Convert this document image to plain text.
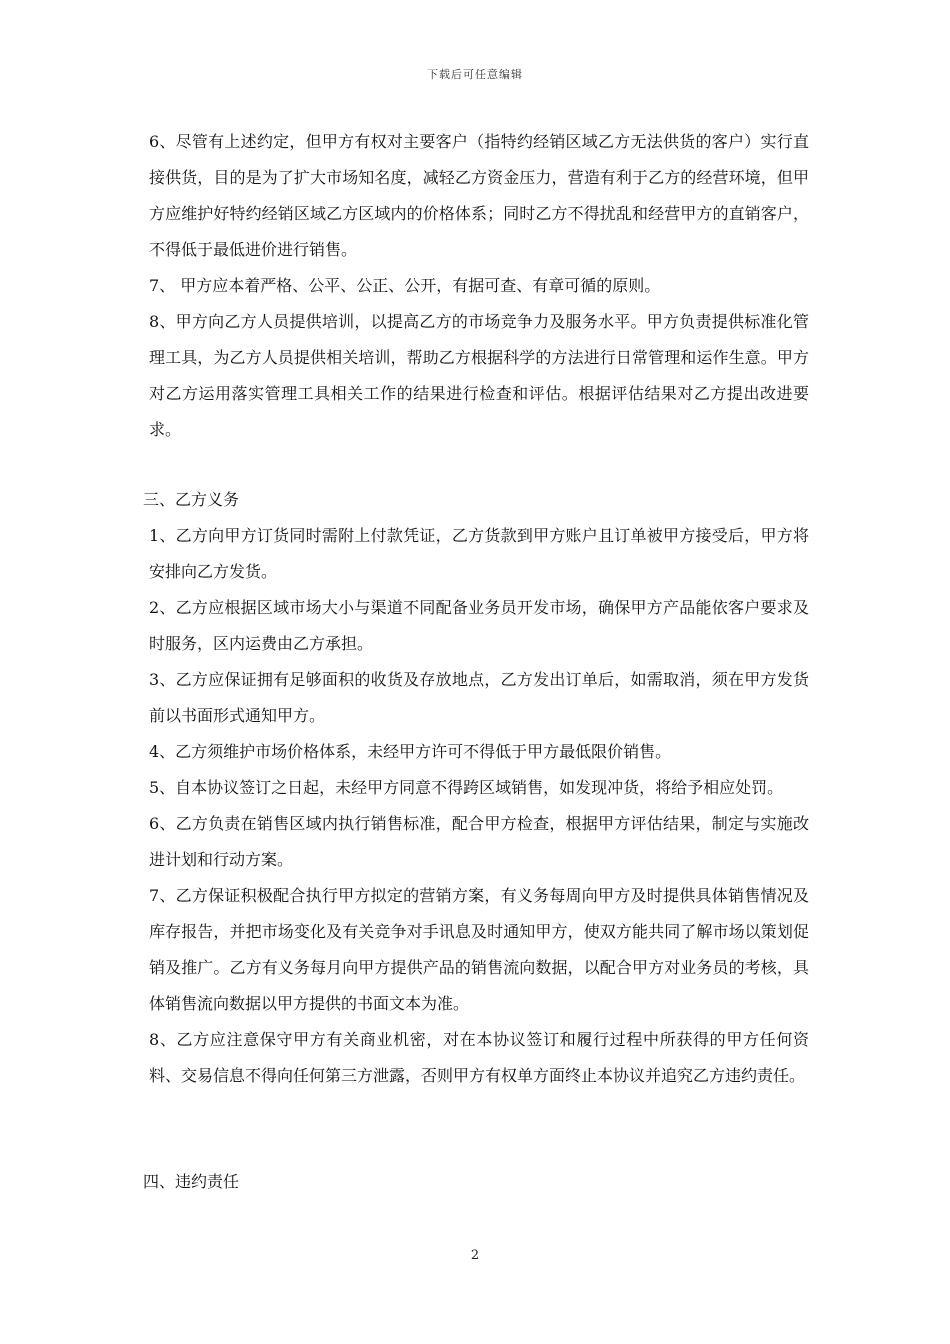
下载后可任意编辑

6、尽管有上述约定，但甲方有权对主要客户（指特约经销区域乙方无法供货的客户）实行直接供货，目的是为了扩大市场知名度，减轻乙方资金压力，营造有利于乙方的经营环境，但甲方应维护好特约经销区域乙方区域内的价格体系；同时乙方不得扰乱和经营甲方的直销客户，不得低于最低进价进行销售。

7、 甲方应本着严格、公平、公正、公开，有据可查、有章可循的原则。

8、甲方向乙方人员提供培训，以提高乙方的市场竞争力及服务水平。甲方负责提供标准化管理工具，为乙方人员提供相关培训，帮助乙方根据科学的方法进行日常管理和运作生意。甲方对乙方运用落实管理工具相关工作的结果进行检查和评估。根据评估结果对乙方提出改进要求。

三、乙方义务

1、乙方向甲方订货同时需附上付款凭证，乙方货款到甲方账户且订单被甲方接受后，甲方将安排向乙方发货。

2、乙方应根据区域市场大小与渠道不同配备业务员开发市场，确保甲方产品能依客户要求及时服务，区内运费由乙方承担。

3、乙方应保证拥有足够面积的收货及存放地点，乙方发出订单后，如需取消，须在甲方发货前以书面形式通知甲方。

4、乙方须维护市场价格体系，未经甲方许可不得低于甲方最低限价销售。

5、自本协议签订之日起，未经甲方同意不得跨区域销售，如发现冲货，将给予相应处罚。

6、乙方负责在销售区域内执行销售标准，配合甲方检查，根据甲方评估结果，制定与实施改进计划和行动方案。

7、乙方保证积极配合执行甲方拟定的营销方案，有义务每周向甲方及时提供具体销售情况及库存报告，并把市场变化及有关竞争对手讯息及时通知甲方，使双方能共同了解市场以策划促销及推广。乙方有义务每月向甲方提供产品的销售流向数据，以配合甲方对业务员的考核，具体销售流向数据以甲方提供的书面文本为准。

8、乙方应注意保守甲方有关商业机密，对在本协议签订和履行过程中所获得的甲方任何资料、交易信息不得向任何第三方泄露，否则甲方有权单方面终止本协议并追究乙方违约责任。

四、违约责任

2
